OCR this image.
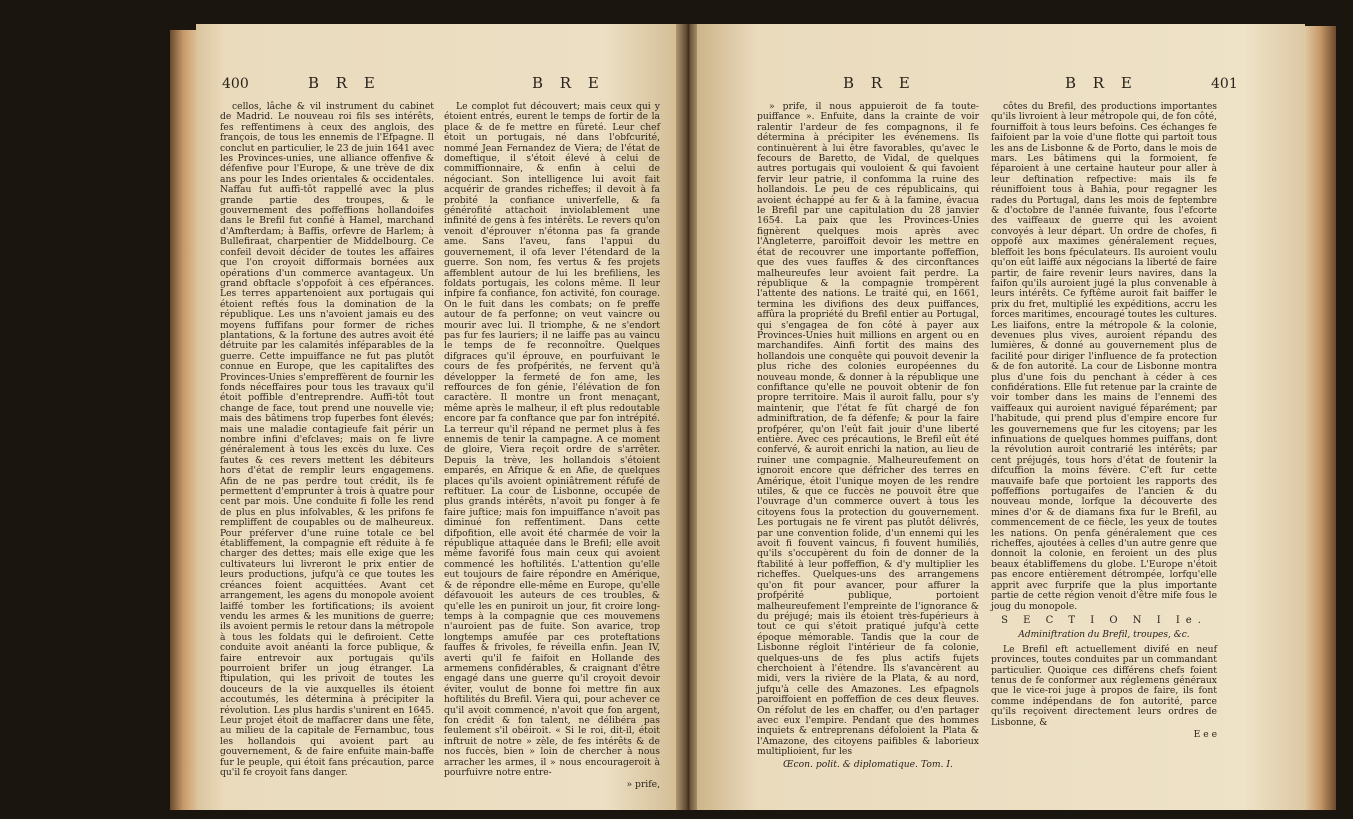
400	B R E	B R E

cellos, lâche & vil instrument du cabinet de Madrid. Le nouveau roi fils ses intérêts, fes reffentimens à ceux des anglois, des françois, de tous les ennemis de l'Efpagne. Il conclut en particulier, le 23 de juin 1641 avec les Provinces-unies, une alliance offenfive & défenfive pour l'Europe, & une trève de dix ans pour les Indes orientales & occidentales. Naffau fut auffi-tôt rappellé avec la plus grande partie des troupes, & le gouvernement des poffeffions hollandoifes dans le Brefil fut confié à Hamel, marchand d'Amfterdam; à Baffis, orfevre de Harlem; à Bullefiraat, charpentier de Middelbourg. Ce confeil devoit décider de toutes les affaires que l'on croyoit difformais bornées aux opérations d'un commerce avantageux. Un grand obftacle s'oppofoit à ces efpérances. Les terres appartenoient aux portugais qui étoient reftés fous la domination de la république. Les uns n'avoient jamais eu des moyens fuffifans pour former de riches plantations, & la fortune des autres avoit été détruite par les calamités inféparables de la guerre. Cette impuiffance ne fut pas plutôt connue en Europe, que les capitaliftes des Provinces-Unies s'empreffèrent de fournir les fonds néceffaires pour tous les travaux qu'il étoit poffible d'entreprendre. Auffi-tôt tout change de face, tout prend une nouvelle vie; mais des bâtimens trop fuperbes font élevés; mais une maladie contagieufe fait périr un nombre infini d'efclaves; mais on fe livre généralement à tous les excès du luxe. Ces fautes & ces revers mettent les débiteurs hors d'état de remplir leurs engagemens. Afin de ne pas perdre tout crédit, ils fe permettent d'emprunter à trois à quatre pour cent par mois. Une conduite fi folle les rend de plus en plus infolvables, & les prifons fe rempliffent de coupables ou de malheureux. Pour préferver d'une ruine totale ce bel établiffement, la compagnie eft réduite à fe charger des dettes; mais elle exige que les cultivateurs lui livreront le prix entier de leurs productions, jufqu'à ce que toutes les créances foient acquittées. Avant cet arrangement, les agens du monopole avoient laiffé tomber les fortifications; ils avoient vendu les armes & les munitions de guerre; ils avoient permis le retour dans la métropole à tous les foldats qui le defiroient. Cette conduite avoit anéanti la force publique, & faire entrevoir aux portugais qu'ils pourroient brifer un joug étranger. La ftipulation, qui les privoit de toutes les douceurs de la vie auxquelles ils étoient accoutumés, les détermina à précipiter la révolution. Les plus hardis s'unirent en 1645. Leur projet étoit de maffacrer dans une fête, au milieu de la capitale de Fernambuc, tous les hollandois qui avoient part au gouvernement, & de faire enfuite main-baffe fur le peuple, qui étoit fans précaution, parce qu'il fe croyoit fans danger.

Le complot fut découvert; mais ceux qui y étoient entrés, eurent le temps de fortir de la place & de fe mettre en fûreté. Leur chef étoit un portugais, né dans l'obfcurité, nommé Jean Fernandez de Viera; de l'état de domeftique, il s'étoit élevé à celui de commiffionnaire, & enfin à celui de négociant. Son intelligence lui avoit fait acquérir de grandes richeffes; il devoit à fa probité la confiance univerfelle, & fa générofité attachoit inviolablement une infinité de gens à fes intérêts. Le revers qu'on venoit d'éprouver n'étonna pas fa grande ame. Sans l'aveu, fans l'appui du gouvernement, il ofa lever l'étendard de la guerre. Son nom, fes vertus & fes projets affemblent autour de lui les brefiliens, les foldats portugais, les colons même. Il leur infpire fa confiance, fon activité, fon courage. On le fuit dans les combats; on fe preffe autour de fa perfonne; on veut vaincre ou mourir avec lui. Il triomphe, & ne s'endort pas fur fes lauriers; il ne laiffe pas au vaincu le temps de fe reconnoître. Quelques difgraces qu'il éprouve, en pourfuivant le cours de fes profpérités, ne fervent qu'à développer la fermeté de fon ame, les reffources de fon génie, l'élévation de fon caractère. Il montre un front menaçant, même après le malheur, il eft plus redoutable encore par fa conftance que par fon intrépité. La terreur qu'il répand ne permet plus à fes ennemis de tenir la campagne. A ce moment de gloire, Viera reçoit ordre de s'arrêter. Depuis la trève, les hollandois s'étoient emparés, en Afrique & en Afie, de quelques places qu'ils avoient opiniâtrement réfufé de reftituer. La cour de Lisbonne, occupée de plus grands intérêts, n'avoit pu fonger à fe faire juftice; mais fon impuiffance n'avoit pas diminué fon reffentiment. Dans cette difpofition, elle avoit été charmée de voir la république attaquée dans le Brefil; elle avoit même favorifé fous main ceux qui avoient commencé les hoftilités. L'attention qu'elle eut toujours de faire répondre en Amérique, & de répondre elle-même en Europe, qu'elle défavouoit les auteurs de ces troubles, & qu'elle les en puniroit un jour, fit croire long-temps à la compagnie que ces mouvemens n'auroient pas de fuite. Son avarice, trop longtemps amufée par ces proteftations fauffes & frivoles, fe réveilla enfin. Jean IV, averti qu'il fe faifoit en Hollande des armemens confidérables, & craignant d'être engagé dans une guerre qu'il croyoit devoir éviter, voulut de bonne foi mettre fin aux hoftilités du Brefil. Viera qui, pour achever ce qu'il avoit commencé, n'avoit que fon argent, fon crédit & fon talent, ne délibéra pas feulement s'il obéiroit. « Si le roi, dit-il, étoit inftruit de notre » zèle, de fes intérêts & de nos fuccès, bien » loin de chercher à nous arracher les armes, il » nous encourageroit à pourfuivre notre entre-

» prife,
B R E	B R E	401

» prife, il nous appuieroit de fa toute-puiffance ». Enfuite, dans la crainte de voir ralentir l'ardeur de fes compagnons, il fe détermina à précipiter les événemens. Ils continuèrent à lui être favorables, qu'avec le fecours de Baretto, de Vidal, de quelques autres portugais qui vouloient & qui favoient fervir leur patrie, il confomma la ruine des hollandois. Le peu de ces républicains, qui avoient échappé au fer & à la famine, évacua le Brefil par une capitulation du 28 janvier 1654. La paix que les Provinces-Unies fignèrent quelques mois après avec l'Angleterre, paroiffoit devoir les mettre en état de recouvrer une importante poffeffion, que des vues fauffes & des circonftances malheureufes leur avoient fait perdre. La république & la compagnie trompèrent l'attente des nations. Le traité qui, en 1661, termina les divifions des deux puiffances, affûra la propriété du Brefil entier au Portugal, qui s'engagea de fon côté à payer aux Provinces-Unies huit millions en argent ou en marchandifes. Ainfi fortit des mains des hollandois une conquête qui pouvoit devenir la plus riche des colonies européennes du nouveau monde, & donner à la république une confiftance qu'elle ne pouvoit obtenir de fon propre territoire. Mais il auroit fallu, pour s'y maintenir, que l'état fe fût chargé de fon adminiftration, de fa défenfe; & pour la faire profpérer, qu'on l'eût fait jouir d'une liberté entière. Avec ces précautions, le Brefil eût été confervé, & auroit enrichi la nation, au lieu de ruiner une compagnie. Malheureufement on ignoroit encore que défricher des terres en Amérique, étoit l'unique moyen de les rendre utiles, & que ce fuccès ne pouvoit être que l'ouvrage d'un commerce ouvert à tous les citoyens fous la protection du gouvernement. Les portugais ne fe virent pas plutôt délivrés, par une convention folide, d'un ennemi qui les avoit fi fouvent vaincus, fi fouvent humiliés, qu'ils s'occupèrent du foin de donner de la ftabilité à leur poffeffion, & d'y multiplier les richeffes. Quelques-uns des arrangemens qu'on fit pour avancer, pour affurer la profpérité publique, portoient malheureufement l'empreinte de l'ignorance & du préjugé; mais ils étoient très-fupérieurs à tout ce qui s'étoit pratiqué jufqu'à cette époque mémorable. Tandis que la cour de Lisbonne régloit l'intérieur de fa colonie, quelques-uns de fes plus actifs fujets cherchoient à l'étendre. Ils s'avancèrent au midi, vers la rivière de la Plata, & au nord, jufqu'à celle des Amazones. Les efpagnols paroiffoient en poffeffion de ces deux fleuves. On réfolut de les en chaffer, ou d'en partager avec eux l'empire. Pendant que des hommes inquiets & entreprenans défoloient la Plata & l'Amazone, des citoyens paifibles & laborieux multiplioient, fur les

Œcon. polit. & diplomatique. Tom. I.

côtes du Brefil, des productions importantes qu'ils livroient à leur métropole qui, de fon côté, fourniffoit à tous leurs befoins. Ces échanges fe faifoient par la voie d'une flotte qui partoit tous les ans de Lisbonne & de Porto, dans le mois de mars. Les bâtimens qui la formoient, fe féparoient à une certaine hauteur pour aller à leur deftination refpective: mais ils fe réuniffoient tous à Bahia, pour regagner les rades du Portugal, dans les mois de feptembre & d'octobre de l'année fuivante, fous l'efcorte des vaiffeaux de guerre qui les avoient convoyés à leur départ. Un ordre de chofes, fi oppofé aux maximes généralement reçues, bleffoit les bons fpéculateurs. Ils auroient voulu qu'on eût laiffé aux négocians la liberté de faire partir, de faire revenir leurs navires, dans la faifon qu'ils auroient jugé la plus convenable à leurs intérêts. Ce fyftême auroit fait baiffer le prix du fret, multiplié les expéditions, accru les forces maritimes, encouragé toutes les cultures. Les liaifons, entre la métropole & la colonie, devenues plus vives, auroient répandu des lumières, & donné au gouvernement plus de facilité pour diriger l'influence de fa protection & de fon autorité. La cour de Lisbonne montra plus d'une fois du penchant à céder à ces confidérations. Elle fut retenue par la crainte de voir tomber dans les mains de l'ennemi des vaiffeaux qui auroient navigué féparément; par l'habitude, qui prend plus d'empire encore fur les gouvernemens que fur les citoyens; par les infinuations de quelques hommes puiffans, dont la révolution auroit contrarié les intérêts; par cent préjugés, tous hors d'état de foutenir la difcuffion la moins févère. C'eft fur cette mauvaife bafe que portoient les rapports des poffeffions portugaifes de l'ancien & du nouveau monde, lorfque la découverte des mines d'or & de diamans fixa fur le Brefil, au commencement de ce fiècle, les yeux de toutes les nations. On penfa généralement que ces richeffes, ajoutées à celles d'un autre genre que donnoit la colonie, en feroient un des plus beaux établiffemens du globe. L'Europe n'étoit pas encore entièrement détrompée, lorfqu'elle apprit avec furprife que la plus importante partie de cette région venoit d'être mife fous le joug du monopole.

S E C T I O N I Ie.
Adminiftration du Brefil, troupes, &c.

Le Brefil eft actuellement divifé en neuf provinces, toutes conduites par un commandant particulier. Quoique ces différens chefs foient tenus de fe conformer aux réglemens généraux que le vice-roi juge à propos de faire, ils font comme indépendans de fon autorité, parce qu'ils reçoivent directement leurs ordres de Lisbonne, &

E e e
